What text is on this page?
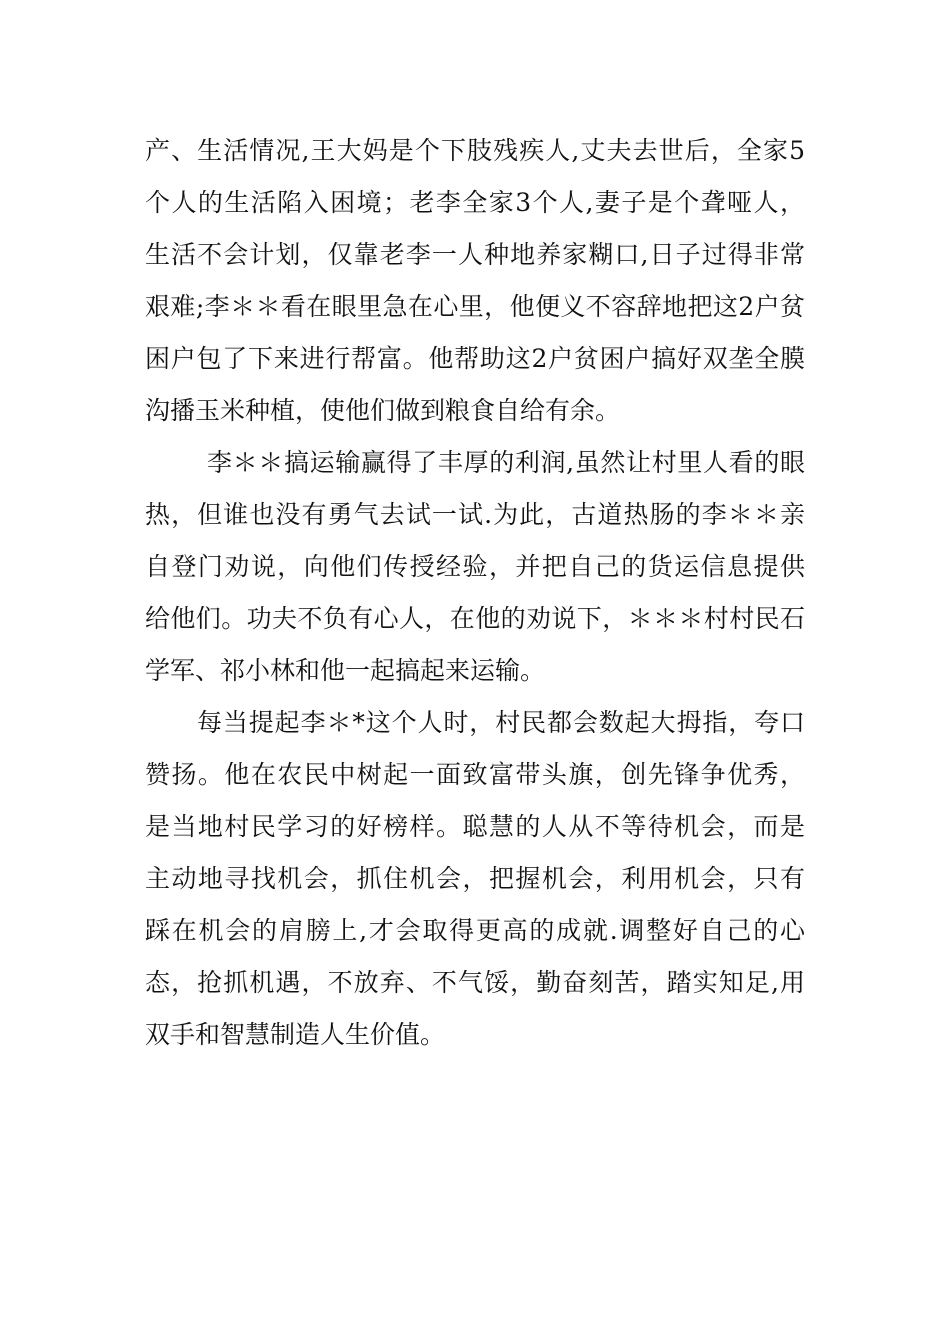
产、生活情况,王大妈是个下肢残疾人,丈夫去世后，全家5
个人的生活陷入困境；老李全家3个人,妻子是个聋哑人，
生活不会计划，仅靠老李一人种地养家糊口,日子过得非常
艰难;李＊＊看在眼里急在心里，他便义不容辞地把这2户贫
困户包了下来进行帮富。他帮助这2户贫困户搞好双垄全膜
沟播玉米种植，使他们做到粮食自给有余。
李＊＊搞运输赢得了丰厚的利润,虽然让村里人看的眼
热，但谁也没有勇气去试一试.为此，古道热肠的李＊＊亲
自登门劝说，向他们传授经验，并把自己的货运信息提供
给他们。功夫不负有心人，在他的劝说下，＊＊＊村村民石
学军、祁小林和他一起搞起来运输。
每当提起李＊*这个人时，村民都会数起大拇指，夸口
赞扬。他在农民中树起一面致富带头旗，创先锋争优秀，
是当地村民学习的好榜样。聪慧的人从不等待机会，而是
主动地寻找机会，抓住机会，把握机会，利用机会，只有
踩在机会的肩膀上,才会取得更高的成就.调整好自己的心
态，抢抓机遇，不放弃、不气馁，勤奋刻苦，踏实知足,用
双手和智慧制造人生价值。
